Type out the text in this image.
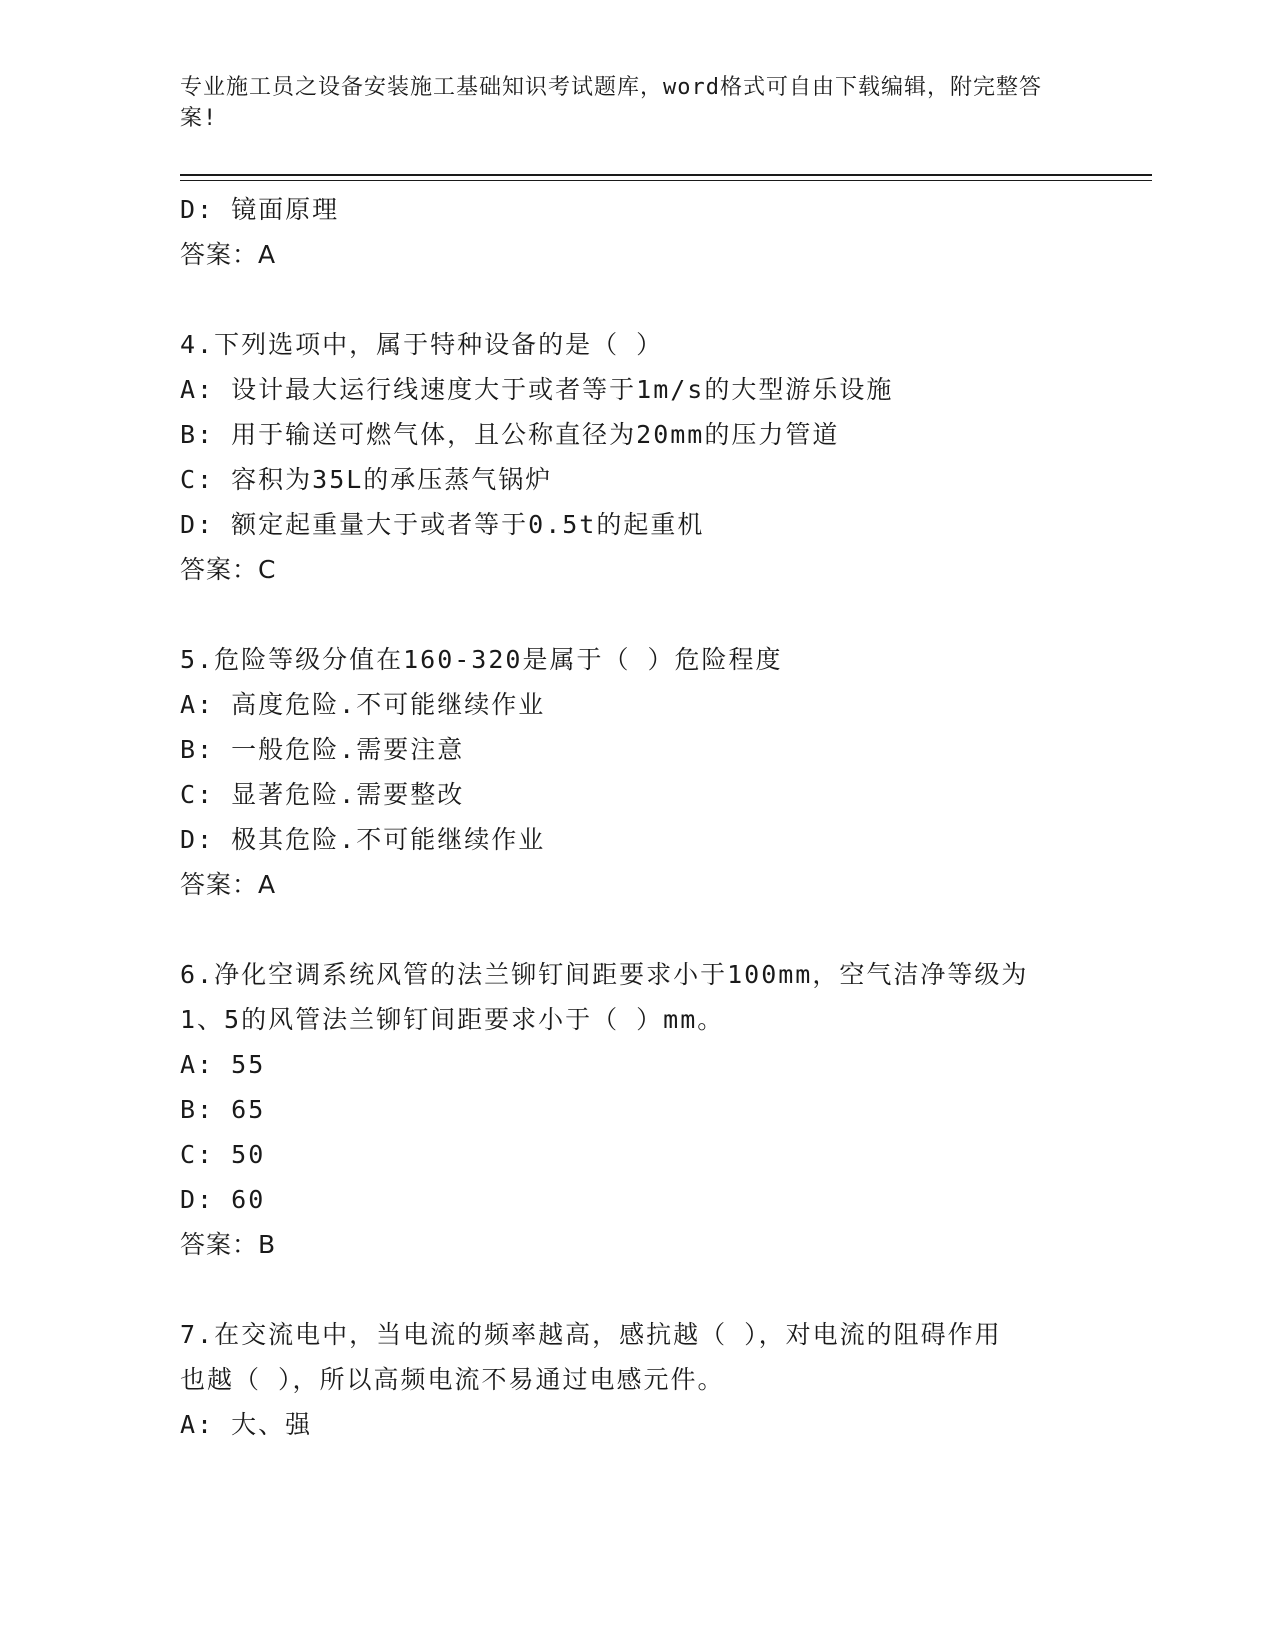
专业施工员之设备安装施工基础知识考试题库，word格式可自由下载编辑，附完整答案!
D: 镜面原理
答案：A
4.下列选项中，属于特种设备的是（ ）
A: 设计最大运行线速度大于或者等于1m/s的大型游乐设施
B: 用于输送可燃气体，且公称直径为20mm的压力管道
C: 容积为35L的承压蒸气锅炉
D: 额定起重量大于或者等于0.5t的起重机
答案：C
5.危险等级分值在160-320是属于（ ）危险程度
A: 高度危险.不可能继续作业
B: 一般危险.需要注意
C: 显著危险.需要整改
D: 极其危险.不可能继续作业
答案：A
6.净化空调系统风管的法兰铆钉间距要求小于100mm，空气洁净等级为
1、5的风管法兰铆钉间距要求小于（ ）mm。
A: 55
B: 65
C: 50
D: 60
答案：B
7.在交流电中，当电流的频率越高，感抗越（ ），对电流的阻碍作用
也越（ ），所以高频电流不易通过电感元件。
A: 大、强
